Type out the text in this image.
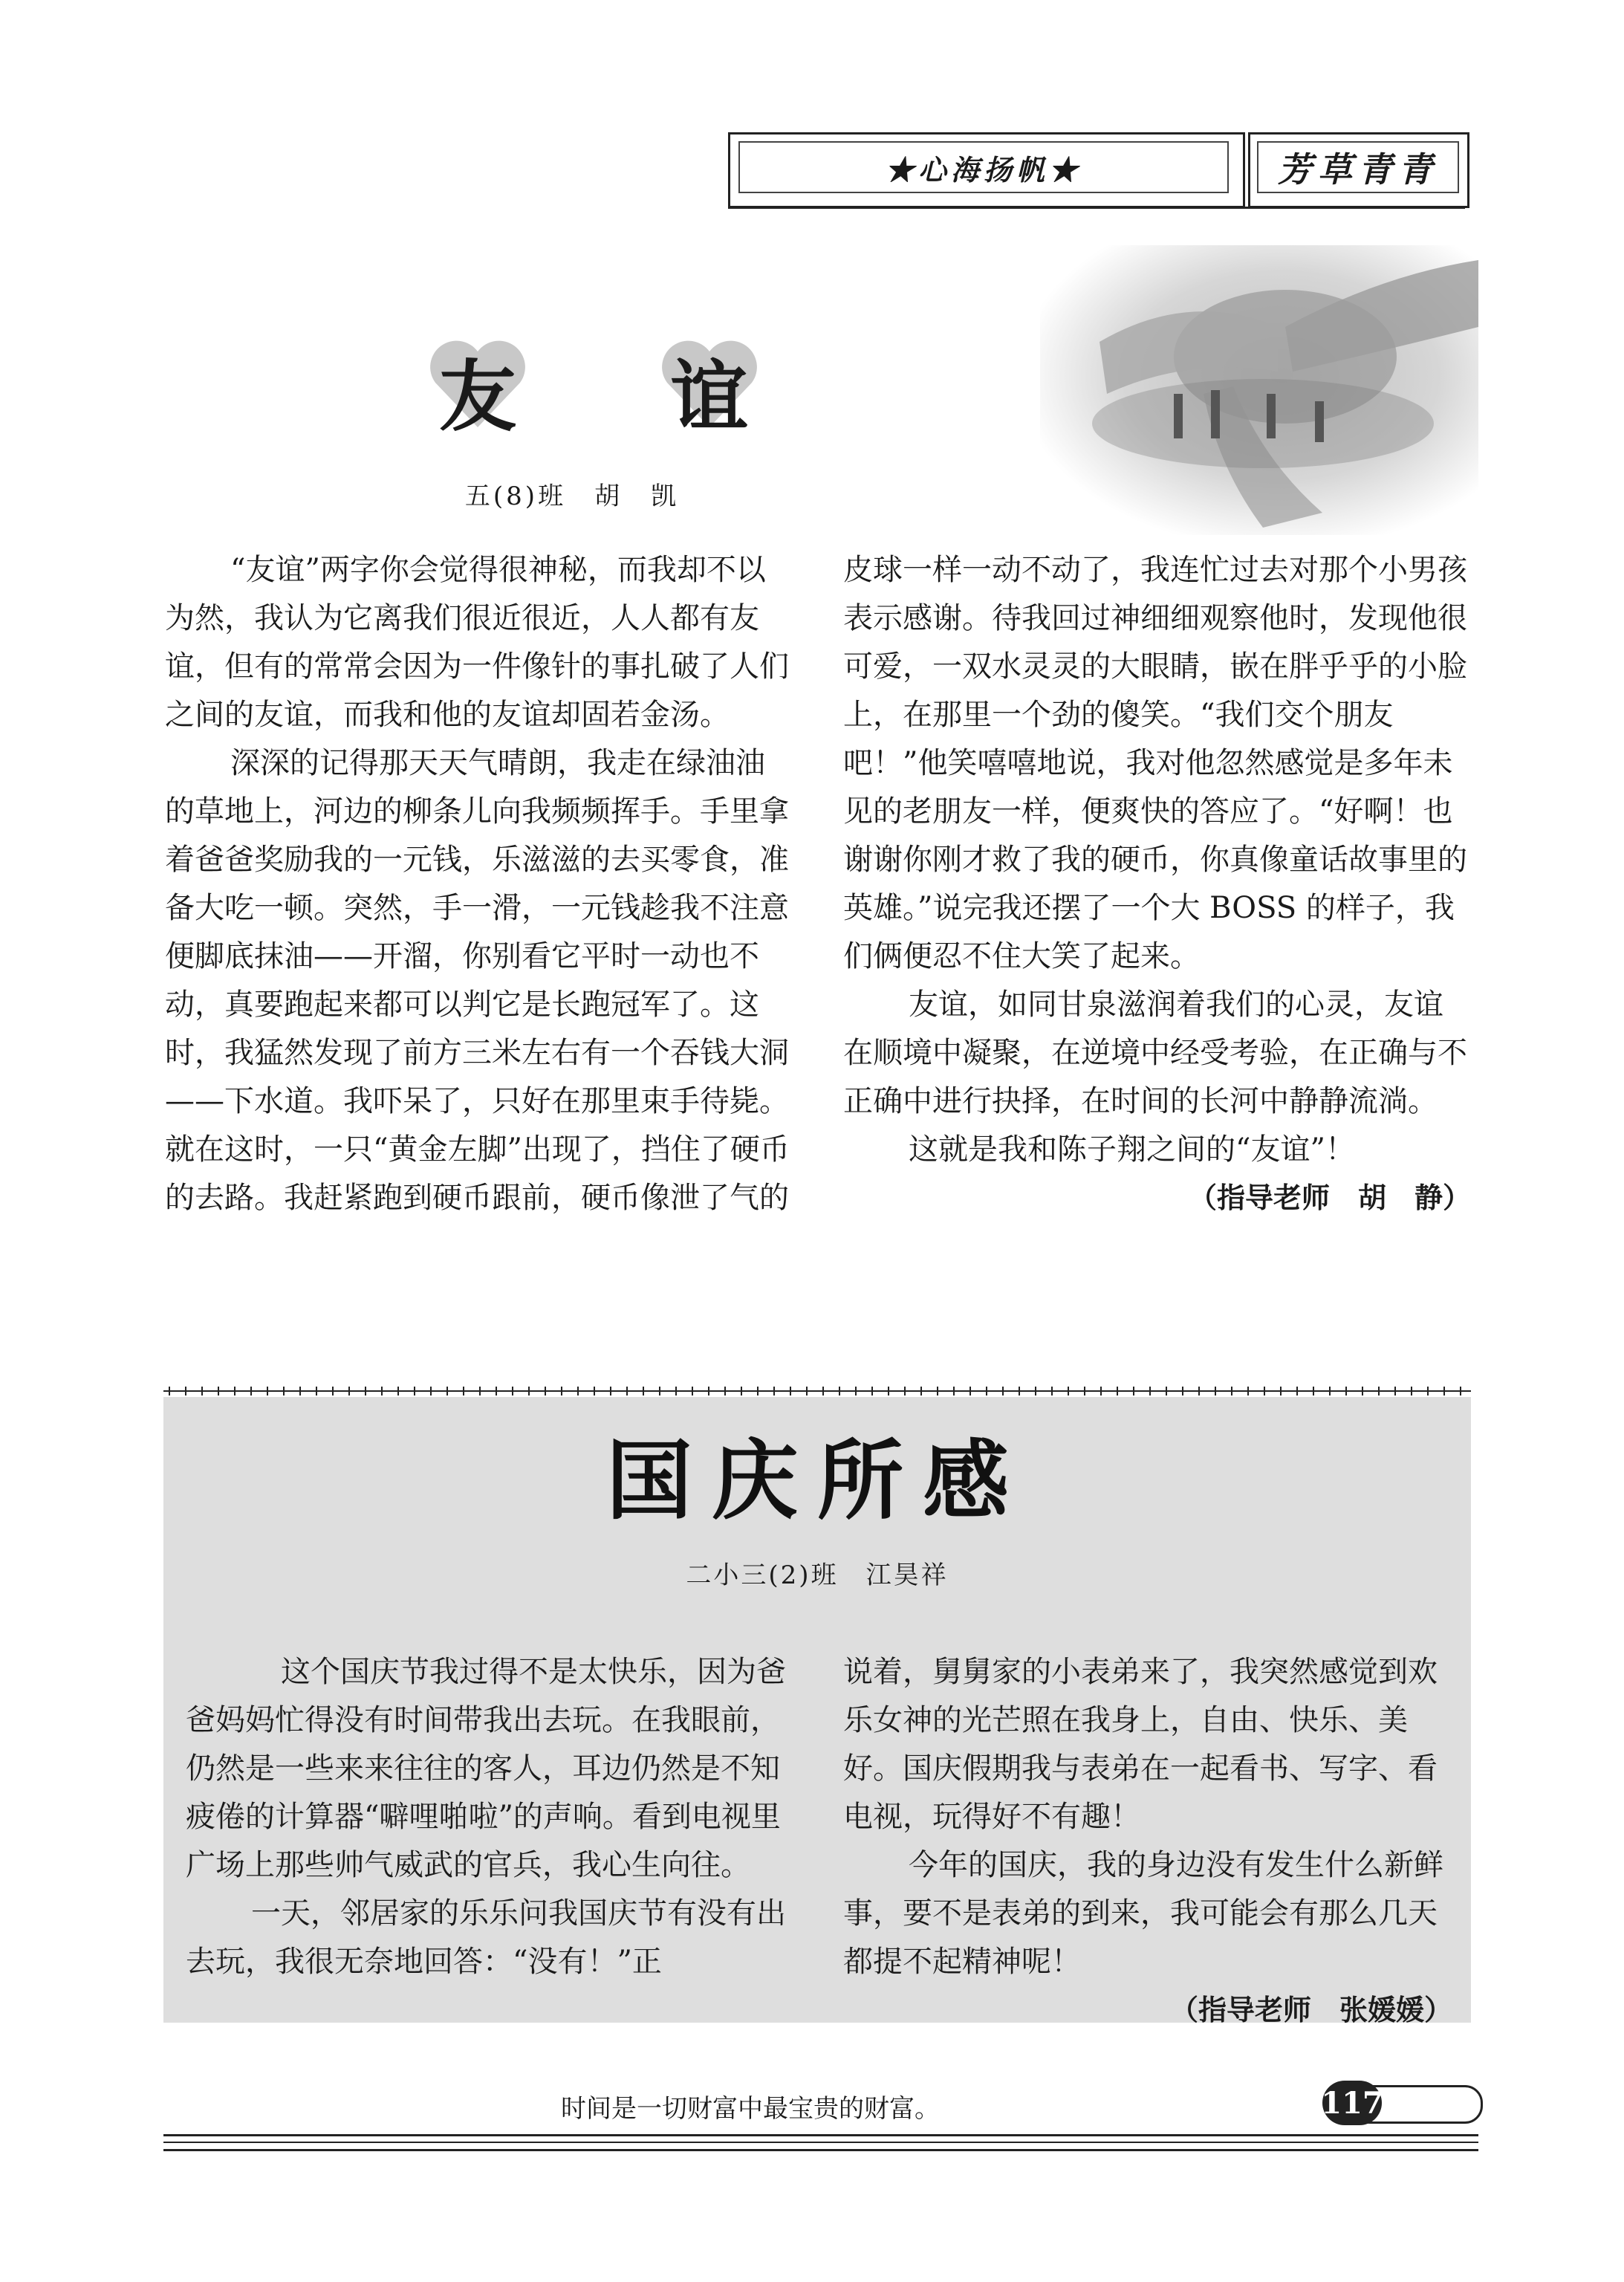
★心海扬帆★	芳草青青
友 谊
五(8)班　胡　凯

“友谊”两字你会觉得很神秘，而我却不以为然，我认为它离我们很近很近，人人都有友谊，但有的常常会因为一件像针的事扎破了人们之间的友谊，而我和他的友谊却固若金汤。

深深的记得那天天气晴朗，我走在绿油油的草地上，河边的柳条儿向我频频挥手。手里拿着爸爸奖励我的一元钱，乐滋滋的去买零食，准备大吃一顿。突然，手一滑，一元钱趁我不注意便脚底抹油——开溜，你别看它平时一动也不动，真要跑起来都可以判它是长跑冠军了。这时，我猛然发现了前方三米左右有一个吞钱大洞——下水道。我吓呆了，只好在那里束手待毙。就在这时，一只“黄金左脚”出现了，挡住了硬币的去路。我赶紧跑到硬币跟前，硬币像泄了气的

皮球一样一动不动了，我连忙过去对那个小男孩表示感谢。待我回过神细细观察他时，发现他很可爱，一双水灵灵的大眼睛，嵌在胖乎乎的小脸上，在那里一个劲的傻笑。“我们交个朋友吧！”他笑嘻嘻地说，我对他忽然感觉是多年未见的老朋友一样，便爽快的答应了。“好啊！也谢谢你刚才救了我的硬币，你真像童话故事里的英雄。”说完我还摆了一个大 BOSS 的样子，我们俩便忍不住大笑了起来。

友谊，如同甘泉滋润着我们的心灵，友谊在顺境中凝聚，在逆境中经受考验，在正确与不正确中进行抉择，在时间的长河中静静流淌。

这就是我和陈子翔之间的“友谊”！

（指导老师　胡　静）
国庆所感
二小三(2)班　江昊祥

　这个国庆节我过得不是太快乐，因为爸爸妈妈忙得没有时间带我出去玩。在我眼前，仍然是一些来来往往的客人，耳边仍然是不知疲倦的计算器“噼哩啪啦”的声响。看到电视里广场上那些帅气威武的官兵，我心生向往。

一天，邻居家的乐乐问我国庆节有没有出去玩，我很无奈地回答：“没有！”正

说着，舅舅家的小表弟来了，我突然感觉到欢乐女神的光芒照在我身上，自由、快乐、美好。国庆假期我与表弟在一起看书、写字、看电视，玩得好不有趣！

今年的国庆，我的身边没有发生什么新鲜事，要不是表弟的到来，我可能会有那么几天都提不起精神呢！

（指导老师　张媛媛）
时间是一切财富中最宝贵的财富。	117
